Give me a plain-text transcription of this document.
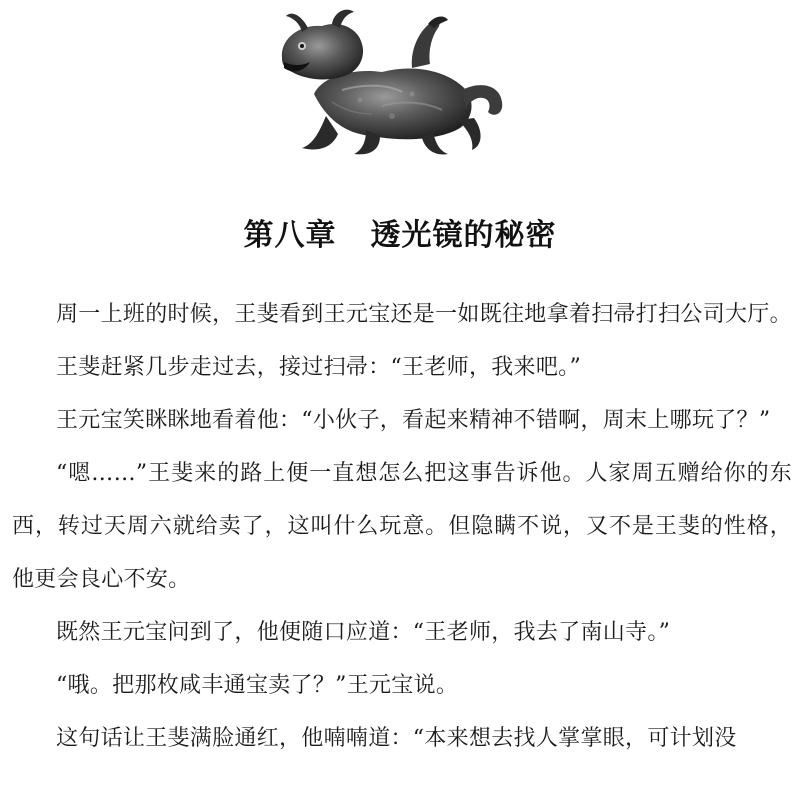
第八章 透光镜的秘密

周一上班的时候，王斐看到王元宝还是一如既往地拿着扫帚打扫公司大厅。

王斐赶紧几步走过去，接过扫帚：“王老师，我来吧。”

王元宝笑眯眯地看着他：“小伙子，看起来精神不错啊，周末上哪玩了？”

“嗯……”王斐来的路上便一直想怎么把这事告诉他。人家周五赠给你的东西，转过天周六就给卖了，这叫什么玩意。但隐瞒不说，又不是王斐的性格，他更会良心不安。

既然王元宝问到了，他便随口应道：“王老师，我去了南山寺。”

“哦。把那枚咸丰通宝卖了？”王元宝说。

这句话让王斐满脸通红，他喃喃道：“本来想去找人掌掌眼，可计划没
